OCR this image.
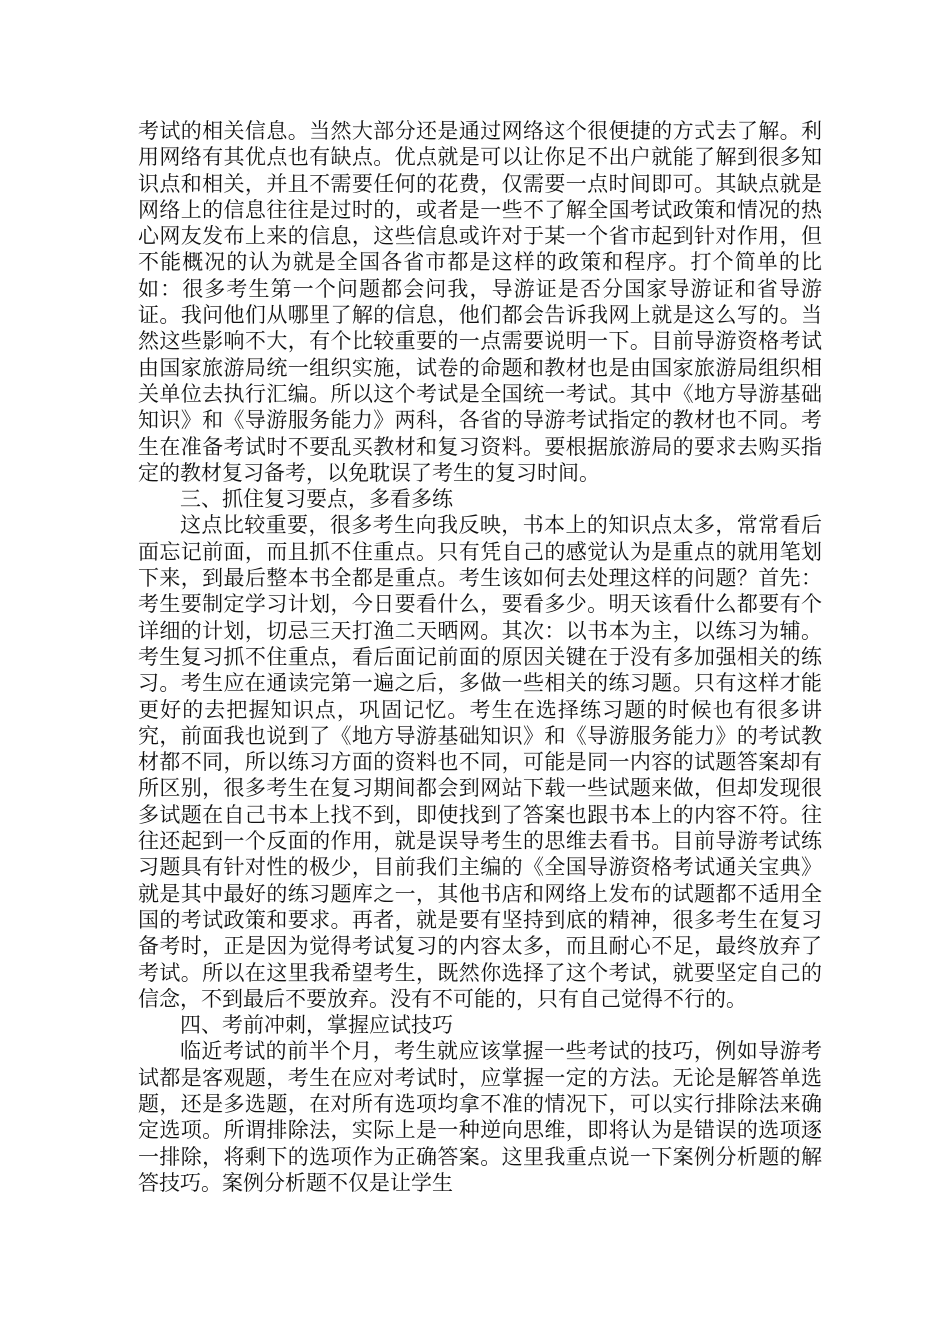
考试的相关信息。当然大部分还是通过网络这个很便捷的方式去了解。利用网络有其优点也有缺点。优点就是可以让你足不出户就能了解到很多知识点和相关，并且不需要任何的花费，仅需要一点时间即可。其缺点就是网络上的信息往往是过时的，或者是一些不了解全国考试政策和情况的热心网友发布上来的信息，这些信息或许对于某一个省市起到针对作用，但不能概况的认为就是全国各省市都是这样的政策和程序。打个简单的比如：很多考生第一个问题都会问我，导游证是否分国家导游证和省导游证。我问他们从哪里了解的信息，他们都会告诉我网上就是这么写的。当然这些影响不大，有个比较重要的一点需要说明一下。目前导游资格考试由国家旅游局统一组织实施，试卷的命题和教材也是由国家旅游局组织相关单位去执行汇编。所以这个考试是全国统一考试。其中《地方导游基础知识》和《导游服务能力》两科，各省的导游考试指定的教材也不同。考生在准备考试时不要乱买教材和复习资料。要根据旅游局的要求去购买指定的教材复习备考，以免耽误了考生的复习时间。

三、抓住复习要点，多看多练

这点比较重要，很多考生向我反映，书本上的知识点太多，常常看后面忘记前面，而且抓不住重点。只有凭自己的感觉认为是重点的就用笔划下来，到最后整本书全都是重点。考生该如何去处理这样的问题？首先：考生要制定学习计划，今日要看什么，要看多少。明天该看什么都要有个详细的计划，切忌三天打渔二天晒网。其次：以书本为主，以练习为辅。考生复习抓不住重点，看后面记前面的原因关键在于没有多加强相关的练习。考生应在通读完第一遍之后，多做一些相关的练习题。只有这样才能更好的去把握知识点，巩固记忆。考生在选择练习题的时候也有很多讲究，前面我也说到了《地方导游基础知识》和《导游服务能力》的考试教材都不同，所以练习方面的资料也不同，可能是同一内容的试题答案却有所区别，很多考生在复习期间都会到网站下载一些试题来做，但却发现很多试题在自己书本上找不到，即使找到了答案也跟书本上的内容不符。往往还起到一个反面的作用，就是误导考生的思维去看书。目前导游考试练习题具有针对性的极少，目前我们主编的《全国导游资格考试通关宝典》就是其中最好的练习题库之一，其他书店和网络上发布的试题都不适用全国的考试政策和要求。再者，就是要有坚持到底的精神，很多考生在复习备考时，正是因为觉得考试复习的内容太多，而且耐心不足，最终放弃了考试。所以在这里我希望考生，既然你选择了这个考试，就要坚定自己的信念，不到最后不要放弃。没有不可能的，只有自己觉得不行的。

四、考前冲刺，掌握应试技巧

临近考试的前半个月，考生就应该掌握一些考试的技巧，例如导游考试都是客观题，考生在应对考试时，应掌握一定的方法。无论是解答单选题，还是多选题，在对所有选项均拿不准的情况下，可以实行排除法来确定选项。所谓排除法，实际上是一种逆向思维，即将认为是错误的选项逐一排除，将剩下的选项作为正确答案。这里我重点说一下案例分析题的解答技巧。案例分析题不仅是让学生
